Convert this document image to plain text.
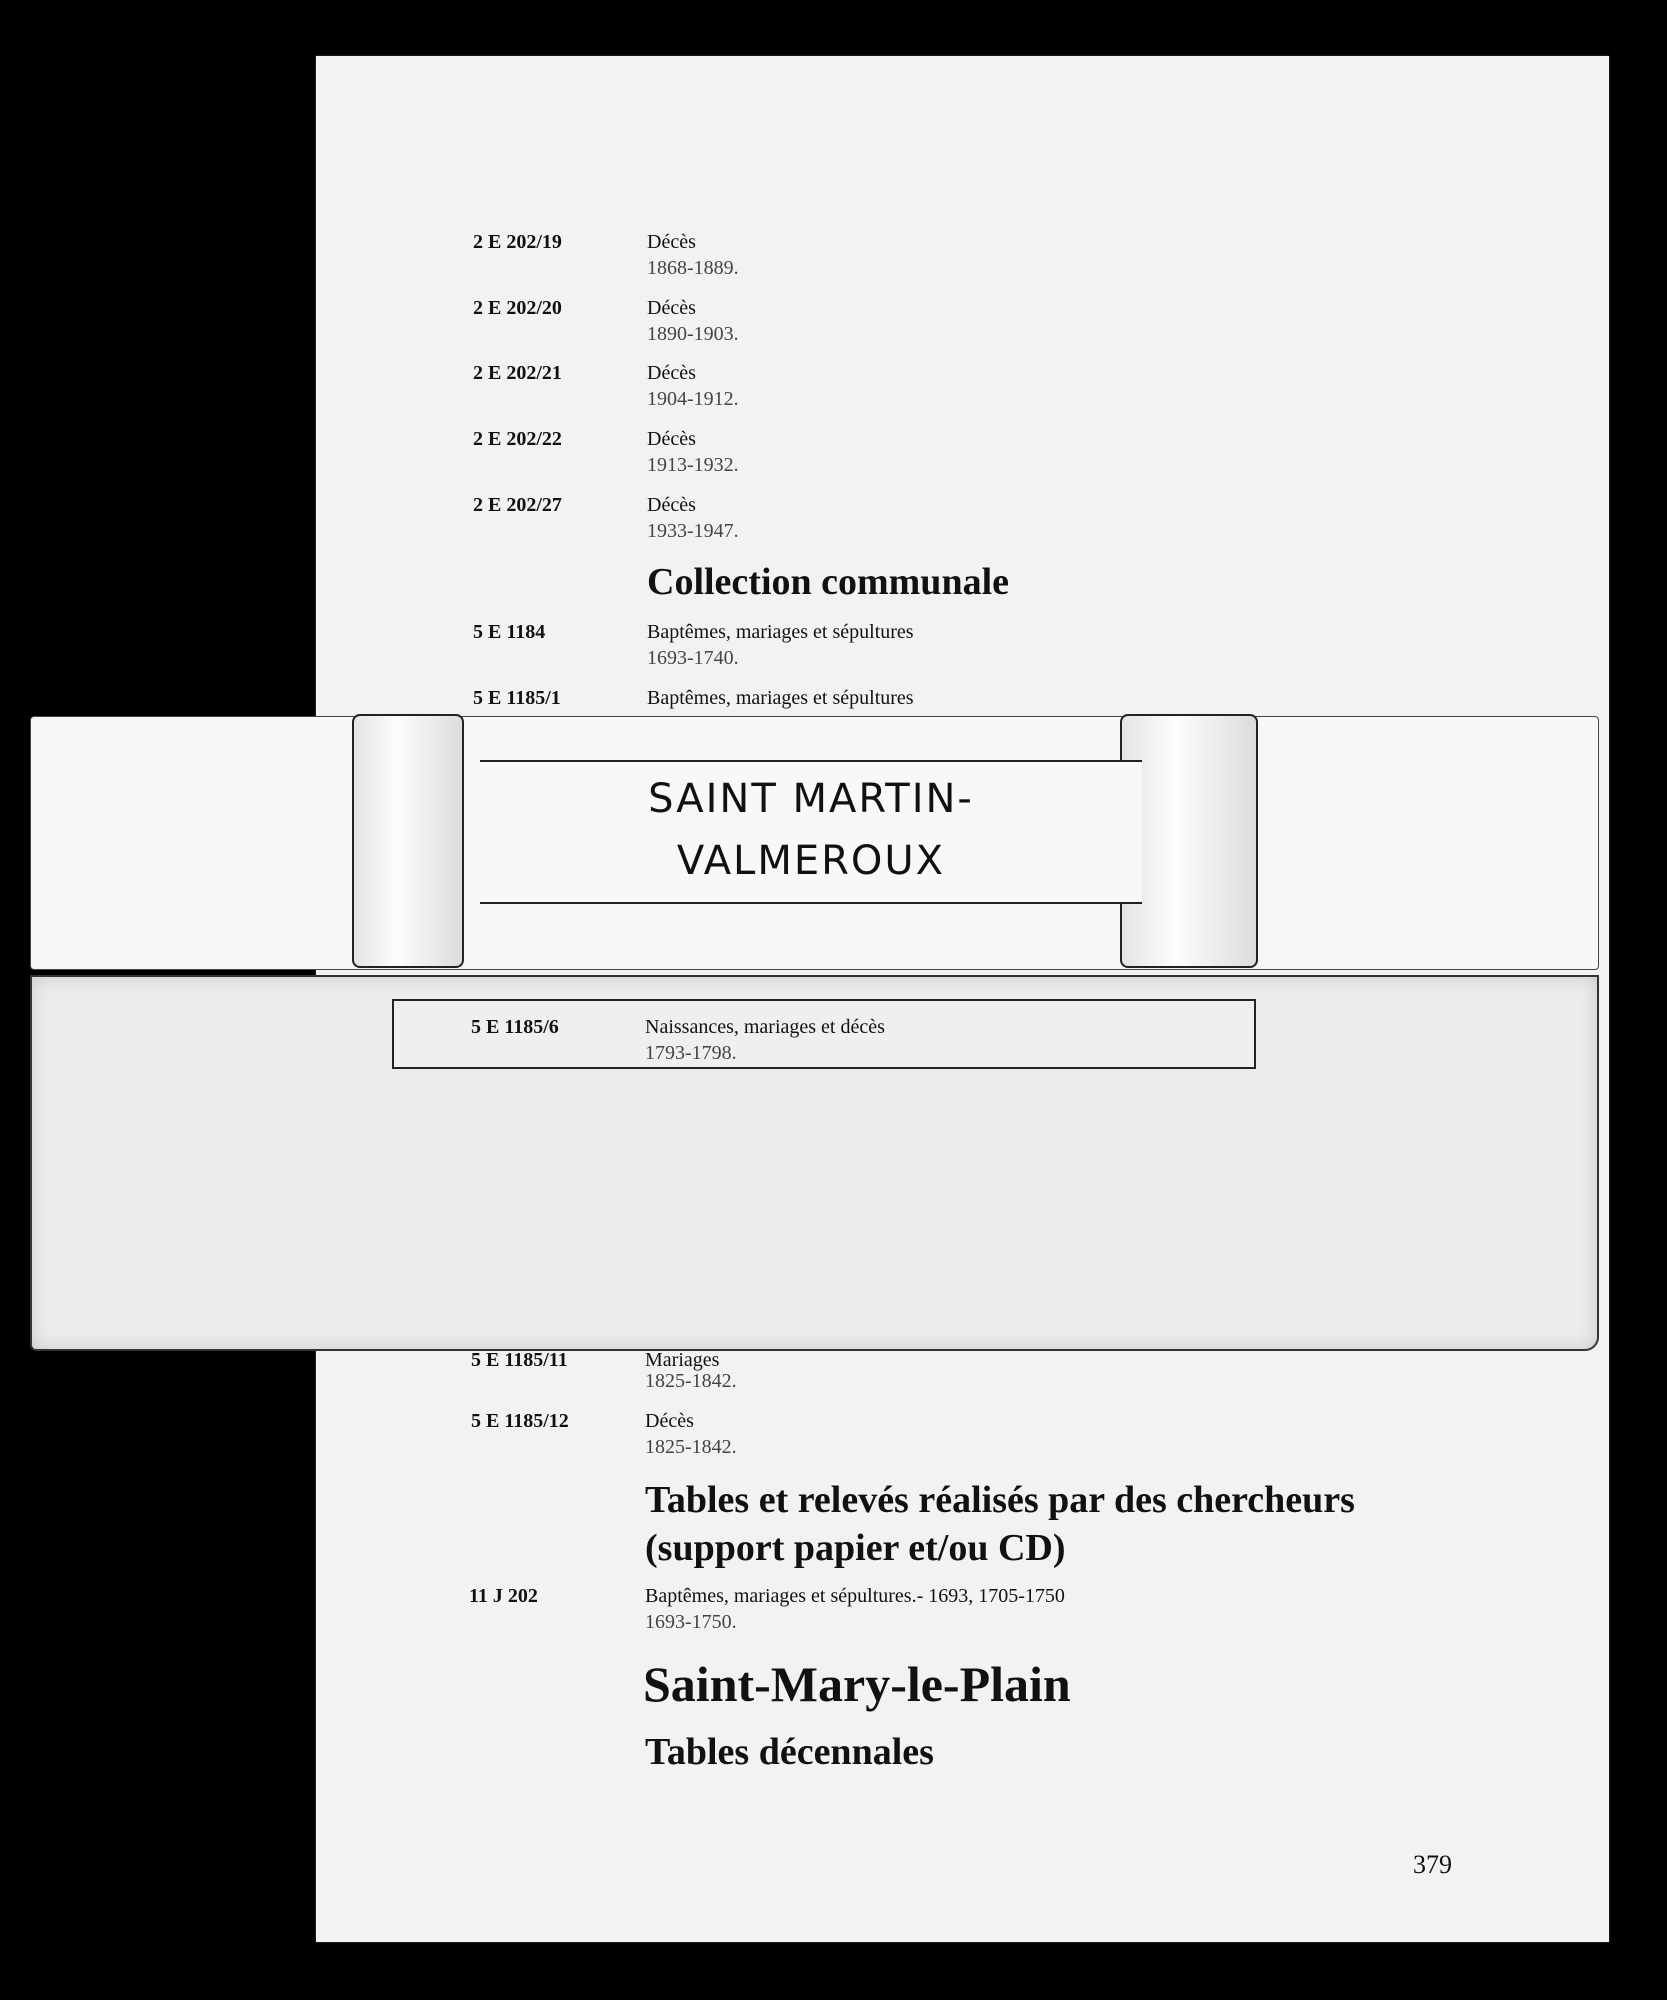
2 E 202/19	Décès
1868-1889.
2 E 202/20	Décès
1890-1903.
2 E 202/21	Décès
1904-1912.
2 E 202/22	Décès
1913-1932.
2 E 202/27	Décès
1933-1947.
Collection communale
5 E 1184	Baptêmes, mariages et sépultures
1693-1740.
5 E 1185/1	Baptêmes, mariages et sépultures
SAINT MARTIN-
VALMEROUX
5 E 1185/6	Naissances, mariages et décès
1793-1798.
5 E 1185/11	Mariages
1825-1842.
5 E 1185/12	Décès
1825-1842.
Tables et relevés réalisés par des chercheurs
(support papier et/ou CD)
11 J 202	Baptêmes, mariages et sépultures.- 1693, 1705-1750
1693-1750.
Saint-Mary-le-Plain
Tables décennales
379
